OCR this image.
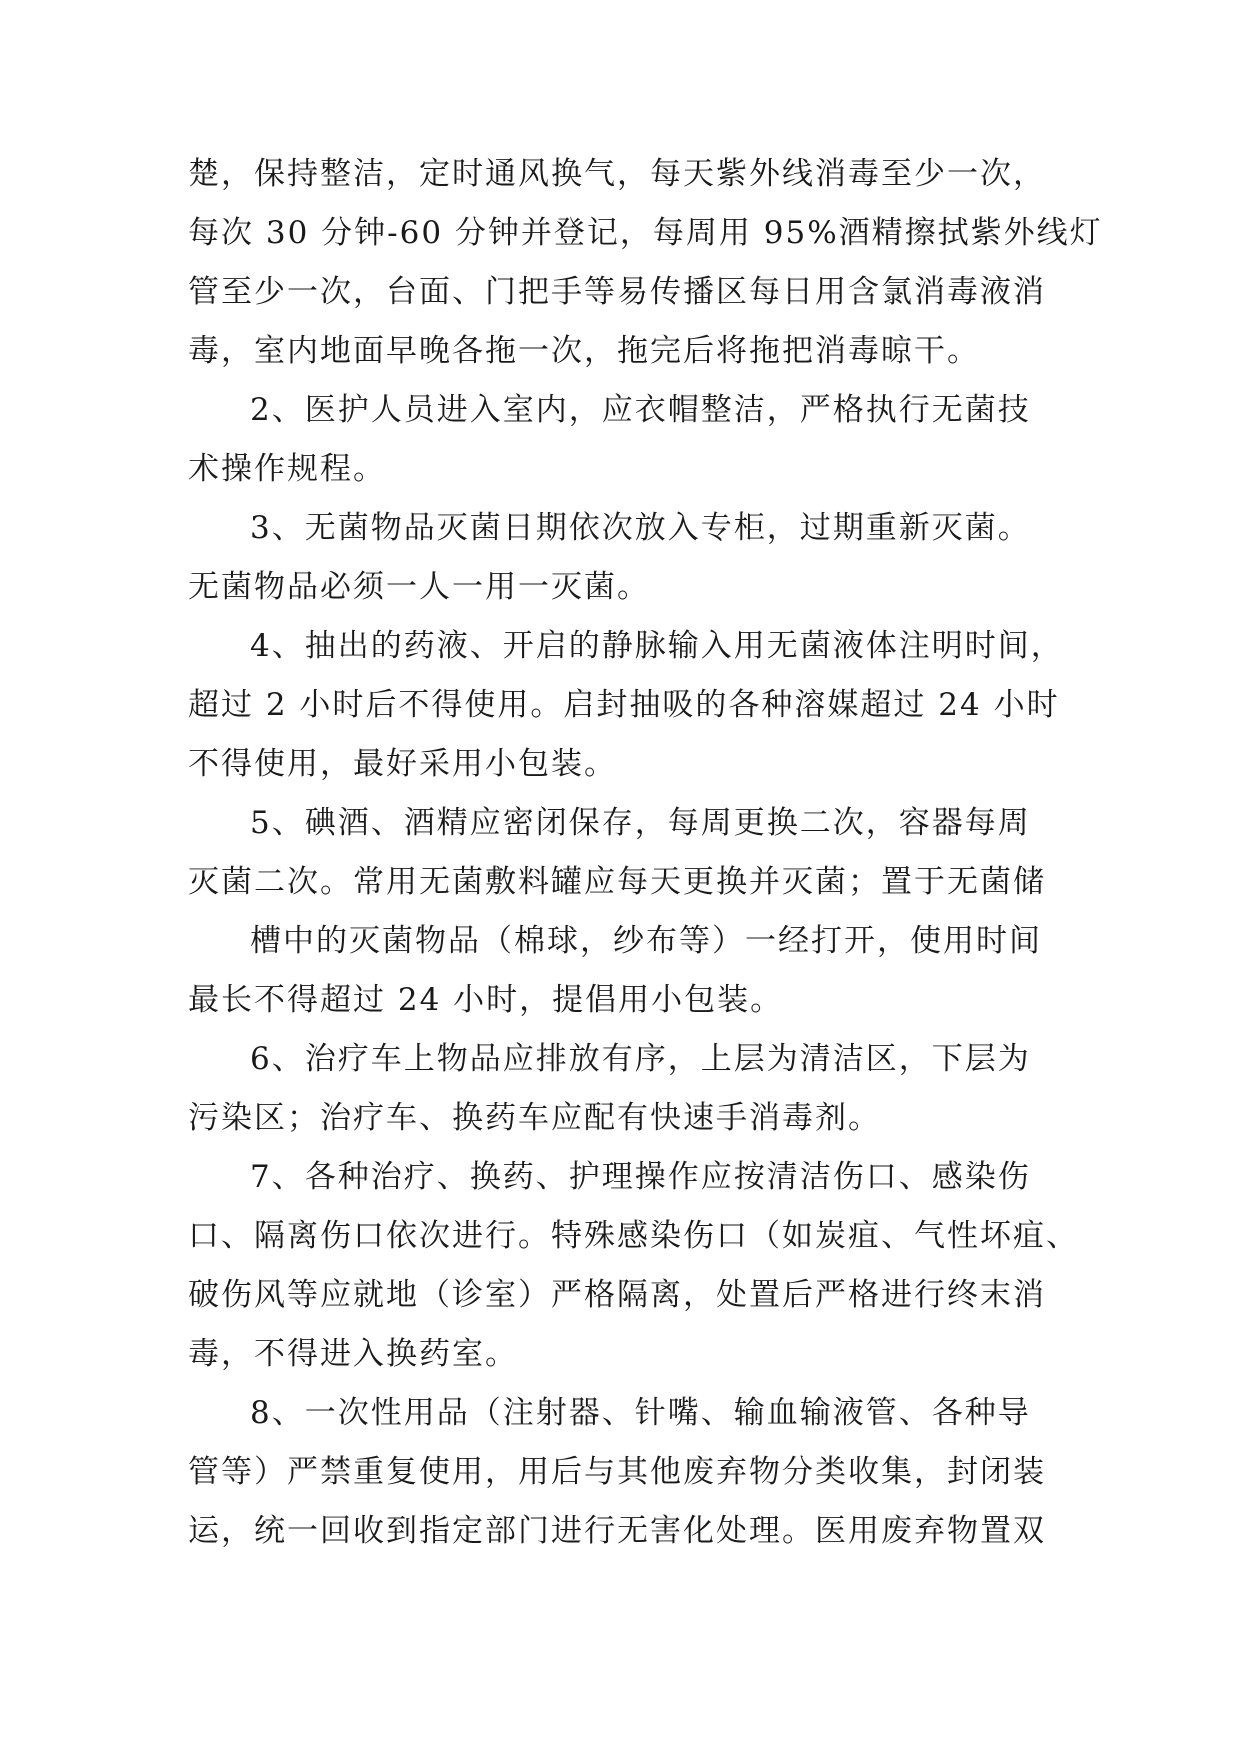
楚，保持整洁，定时通风换气，每天紫外线消毒至少一次，
每次 30 分钟-60 分钟并登记，每周用 95%酒精擦拭紫外线灯
管至少一次，台面、门把手等易传播区每日用含氯消毒液消
毒，室内地面早晚各拖一次，拖完后将拖把消毒晾干。
2、医护人员进入室内，应衣帽整洁，严格执行无菌技
术操作规程。
3、无菌物品灭菌日期依次放入专柜，过期重新灭菌。
无菌物品必须一人一用一灭菌。
4、抽出的药液、开启的静脉输入用无菌液体注明时间，
超过 2 小时后不得使用。启封抽吸的各种溶媒超过 24 小时
不得使用，最好采用小包装。
5、碘酒、酒精应密闭保存，每周更换二次，容器每周
灭菌二次。常用无菌敷料罐应每天更换并灭菌；置于无菌储
槽中的灭菌物品（棉球，纱布等）一经打开，使用时间
最长不得超过 24 小时，提倡用小包装。
6、治疗车上物品应排放有序，上层为清洁区，下层为
污染区；治疗车、换药车应配有快速手消毒剂。
7、各种治疗、换药、护理操作应按清洁伤口、感染伤
口、隔离伤口依次进行。特殊感染伤口（如炭疽、气性坏疽、
破伤风等应就地（诊室）严格隔离，处置后严格进行终末消
毒，不得进入换药室。
8、一次性用品（注射器、针嘴、输血输液管、各种导
管等）严禁重复使用，用后与其他废弃物分类收集，封闭装
运，统一回收到指定部门进行无害化处理。医用废弃物置双
